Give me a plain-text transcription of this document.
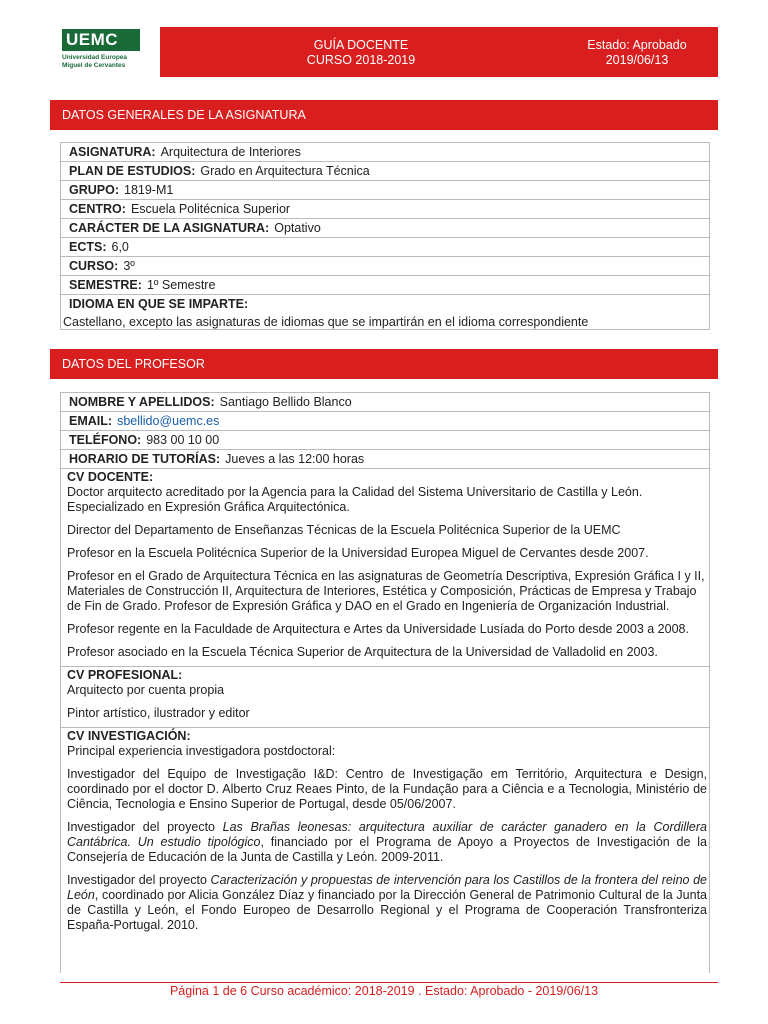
UEMC
Universidad Europea
Miguel de Cervantes
GUÍA DOCENTE
CURSO 2018-2019
Estado: Aprobado
2019/06/13
DATOS GENERALES DE LA ASIGNATURA
ASIGNATURA: Arquitectura de Interiores
PLAN DE ESTUDIOS: Grado en Arquitectura Técnica
GRUPO: 1819-M1
CENTRO: Escuela Politécnica Superior
CARÁCTER DE LA ASIGNATURA: Optativo
ECTS: 6,0
CURSO: 3º
SEMESTRE: 1º Semestre
IDIOMA EN QUE SE IMPARTE:
Castellano, excepto las asignaturas de idiomas que se impartirán en el idioma correspondiente
DATOS DEL PROFESOR
NOMBRE Y APELLIDOS: Santiago Bellido Blanco
EMAIL: sbellido@uemc.es
TELÉFONO: 983 00 10 00
HORARIO DE TUTORÍAS: Jueves a las 12:00 horas
CV DOCENTE:

Doctor arquitecto acreditado por la Agencia para la Calidad del Sistema Universitario de Castilla y León. Especializado en Expresión Gráfica Arquitectónica.

Director del Departamento de Enseñanzas Técnicas de la Escuela Politécnica Superior de la UEMC

Profesor en la Escuela Politécnica Superior de la Universidad Europea Miguel de Cervantes desde 2007.

Profesor en el Grado de Arquitectura Técnica en las asignaturas de Geometría Descriptiva, Expresión Gráfica I y II, Materiales de Construcción II, Arquitectura de Interiores, Estética y Composición, Prácticas de Empresa y Trabajo de Fin de Grado. Profesor de Expresión Gráfica y DAO en el Grado en Ingeniería de Organización Industrial.

Profesor regente en la Faculdade de Arquitectura e Artes da Universidade Lusíada do Porto desde 2003 a 2008.

Profesor asociado en la Escuela Técnica Superior de Arquitectura de la Universidad de Valladolid en 2003.

CV PROFESIONAL:

Arquitecto por cuenta propia

Pintor artístico, ilustrador y editor

CV INVESTIGACIÓN:

Principal experiencia investigadora postdoctoral:

Investigador del Equipo de Investigação I&D: Centro de Investigação em Território, Arquitectura e Design, coordinado por el doctor D. Alberto Cruz Reaes Pinto, de la Fundação para a Ciência e a Tecnologia, Ministério de Ciência, Tecnologia e Ensino Superior de Portugal, desde 05/06/2007.

Investigador del proyecto Las Brañas leonesas: arquitectura auxiliar de carácter ganadero en la Cordillera Cantábrica. Un estudio tipológico, financiado por el Programa de Apoyo a Proyectos de Investigación de la Consejería de Educación de la Junta de Castilla y León. 2009-2011.

Investigador del proyecto Caracterización y propuestas de intervención para los Castillos de la frontera del reino de León, coordinado por Alicia González Díaz y financiado por la Dirección General de Patrimonio Cultural de la Junta de Castilla y León, el Fondo Europeo de Desarrollo Regional y el Programa de Cooperación Transfronteriza España-Portugal. 2010.

Página 1 de 6 Curso académico: 2018-2019 . Estado: Aprobado - 2019/06/13
